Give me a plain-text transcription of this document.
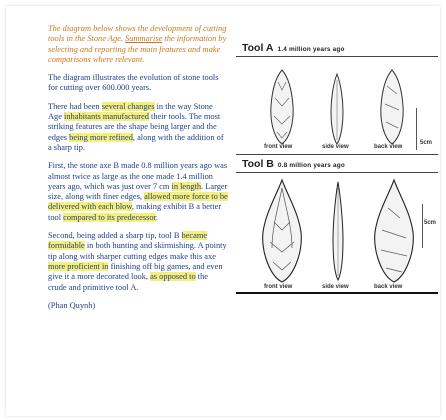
The diagram below shows the development of cutting tools in the Stone Age. Summarise the information by selecting and reporting the main features and make comparisons where relevant.

The diagram illustrates the evolution of stone tools for cutting over 600.000 years.

There had been several changes in the way Stone Age inhabitants manufactured their tools. The most striking features are the shape being larger and the edges being more refined, along with the addition of a sharp tip.

First, the stone axe B made 0.8 million years ago was almost twice as large as the one made 1.4 million years ago, which was just over 7 cm in length. Larger size, along with finer edges, allowed more force to be delivered with each blow, making exhibit B a better tool compared to its predecessor.

Second, being added a sharp tip, tool B became formidable in both hunting and skirmishing. A pointy tip along with sharper cutting edges make this axe more proficient in finishing off big games, and even give it a more decorated look, as opposed to the crude and primitive tool A.

(Phan Quynh)

Tool A 1.4 million years ago
5cm
front view	side view	back view
Tool B 0.8 million years ago
5cm
front view	side view	back view
